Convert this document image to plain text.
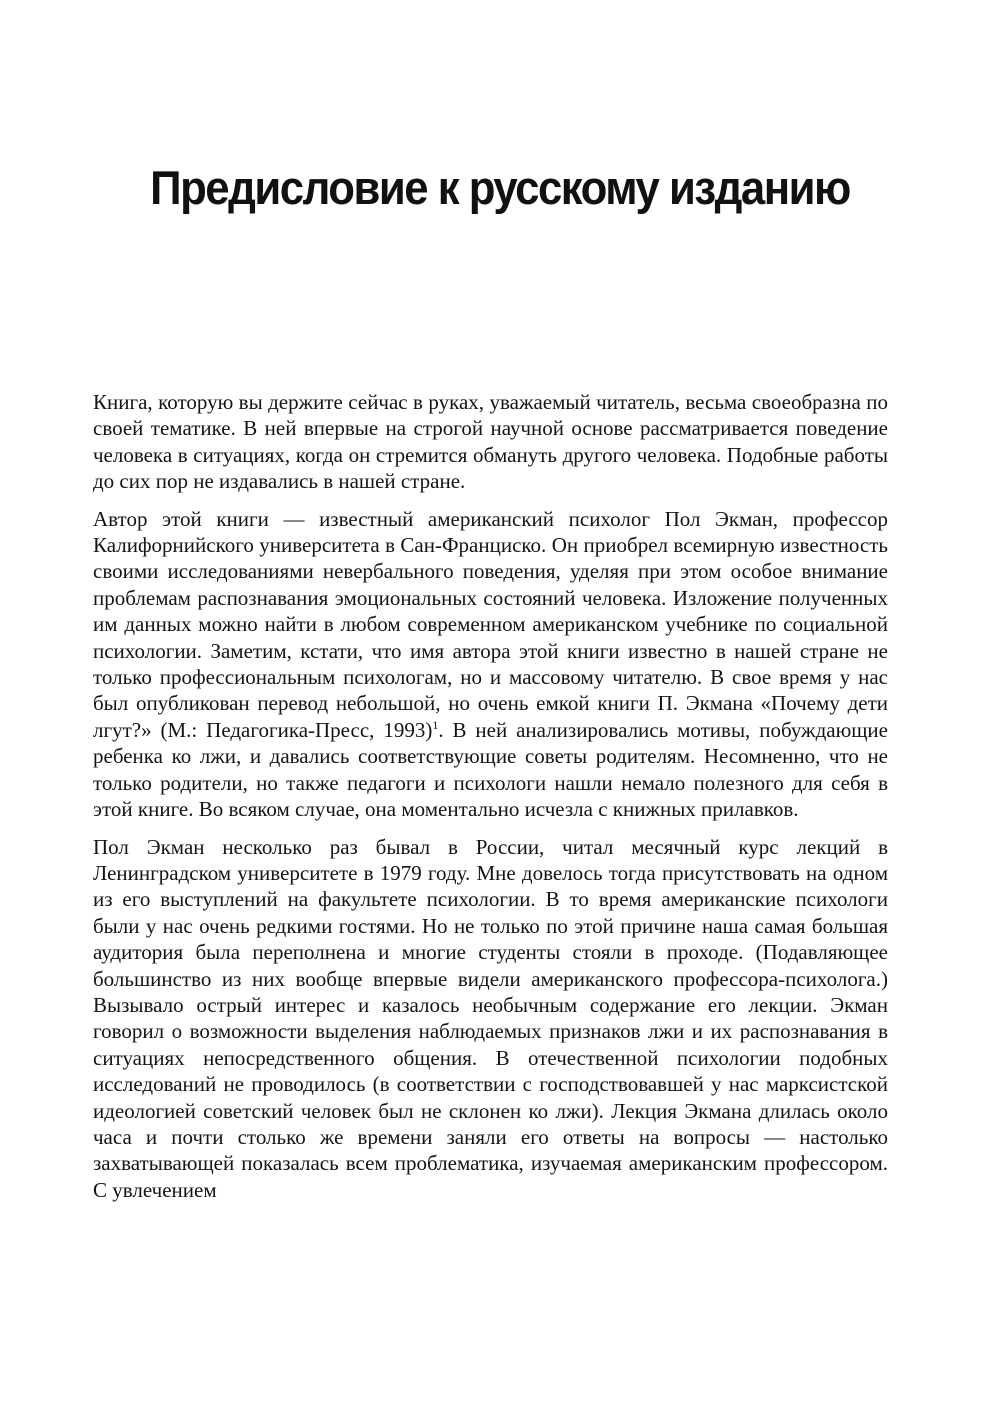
Предисловие к русскому изданию

Книга, которую вы держите сейчас в руках, уважаемый читатель, весьма своеобразна по своей тематике. В ней впервые на строгой научной основе рассматривается поведение человека в ситуациях, когда он стремится обмануть другого человека. Подобные работы до сих пор не издавались в нашей стране.

Автор этой книги — известный американский психолог Пол Экман, профессор Калифорнийского университета в Сан-Франциско. Он приобрел всемирную известность своими исследованиями невербального поведения, уделяя при этом особое внимание проблемам распознавания эмоциональных состояний человека. Изложение полученных им данных можно найти в любом современном американском учебнике по социальной психологии. Заметим, кстати, что имя автора этой книги известно в нашей стране не только профессиональным психологам, но и массовому читателю. В свое время у нас был опубликован перевод небольшой, но очень емкой книги П. Экмана «Почему дети лгут?» (М.: Педагогика-Пресс, 1993)$^1$. В ней анализировались мотивы, побуждающие ребенка ко лжи, и давались соответствующие советы родителям. Несомненно, что не только родители, но также педагоги и психологи нашли немало полезного для себя в этой книге. Во всяком случае, она моментально исчезла с книжных прилавков.

Пол Экман несколько раз бывал в России, читал месячный курс лекций в Ленинградском университете в 1979 году. Мне довелось тогда присутствовать на одном из его выступлений на факультете психологии. В то время американские психологи были у нас очень редкими гостями. Но не только по этой причине наша самая большая аудитория была переполнена и многие студенты стояли в проходе. (Подавляющее большинство из них вообще впервые видели американского профессора-психолога.) Вызывало острый интерес и казалось необычным содержание его лекции. Экман говорил о возможности выделения наблюдаемых признаков лжи и их распознавания в ситуациях непосредственного общения. В отечественной психологии подобных исследований не проводилось (в соответствии с господствовавшей у нас марксистской идеологией советский человек был не склонен ко лжи). Лекция Экмана длилась около часа и почти столько же времени заняли его ответы на вопросы — настолько захватывающей показалась всем проблематика, изучаемая американским профессором. С увлечением
